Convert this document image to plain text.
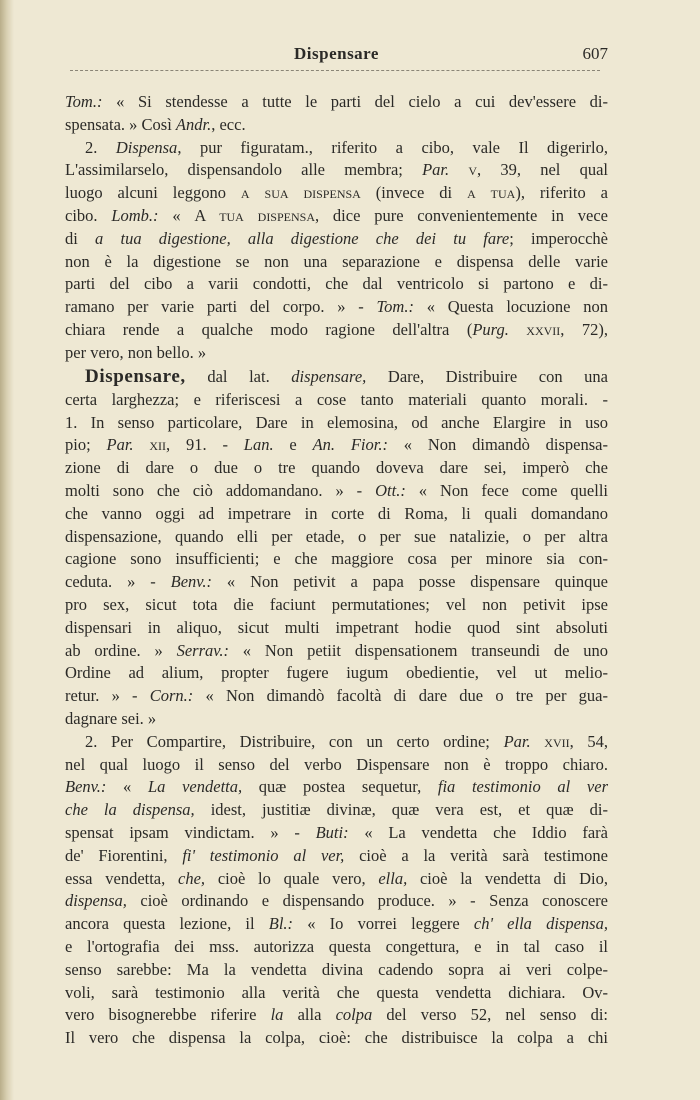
Dispensare	607
Tom.: « Si stendesse a tutte le parti del cielo a cui dev'essere di-
spensata. » Così Andr., ecc.
2. Dispensa, pur figuratam., riferito a cibo, vale Il digerirlo,
L'assimilarselo, dispensandolo alle membra; Par. v, 39, nel qual
luogo alcuni leggono a sua dispensa (invece di a tua), riferito a
cibo. Lomb.: « A tua dispensa, dice pure convenientemente in vece
di a tua digestione, alla digestione che dei tu fare; imperocchè
non è la digestione se non una separazione e dispensa delle varie
parti del cibo a varii condotti, che dal ventricolo si partono e di-
ramano per varie parti del corpo. » - Tom.: « Questa locuzione non
chiara rende a qualche modo ragione dell'altra (Purg. xxvii, 72),
per vero, non bello. »
Dispensare, dal lat. dispensare, Dare, Distribuire con una
certa larghezza; e riferiscesi a cose tanto materiali quanto morali. -
1. In senso particolare, Dare in elemosina, od anche Elargire in uso
pio; Par. xii, 91. - Lan. e An. Fior.: « Non dimandò dispensa-
zione di dare o due o tre quando doveva dare sei, imperò che
molti sono che ciò addomandano. » - Ott.: « Non fece come quelli
che vanno oggi ad impetrare in corte di Roma, li quali domandano
dispensazione, quando elli per etade, o per sue natalizie, o per altra
cagione sono insufficienti; e che maggiore cosa per minore sia con-
ceduta. » - Benv.: « Non petivit a papa posse dispensare quinque
pro sex, sicut tota die faciunt permutationes; vel non petivit ipse
dispensari in aliquo, sicut multi impetrant hodie quod sint absoluti
ab ordine. » Serrav.: « Non petiit dispensationem transeundi de uno
Ordine ad alium, propter fugere iugum obedientie, vel ut melio-
retur. » - Corn.: « Non dimandò facoltà di dare due o tre per gua-
dagnare sei. »
2. Per Compartire, Distribuire, con un certo ordine; Par. xvii, 54,
nel qual luogo il senso del verbo Dispensare non è troppo chiaro.
Benv.: « La vendetta, quæ postea sequetur, fia testimonio al ver
che la dispensa, idest, justitiæ divinæ, quæ vera est, et quæ di-
spensat ipsam vindictam. » - Buti: « La vendetta che Iddio farà
de' Fiorentini, fi' testimonio al ver, cioè a la verità sarà testimone
essa vendetta, che, cioè lo quale vero, ella, cioè la vendetta di Dio,
dispensa, cioè ordinando e dispensando produce. » - Senza conoscere
ancora questa lezione, il Bl.: « Io vorrei leggere ch' ella dispensa,
e l'ortografia dei mss. autorizza questa congettura, e in tal caso il
senso sarebbe: Ma la vendetta divina cadendo sopra ai veri colpe-
voli, sarà testimonio alla verità che questa vendetta dichiara. Ov-
vero bisognerebbe riferire la alla colpa del verso 52, nel senso di:
Il vero che dispensa la colpa, cioè: che distribuisce la colpa a chi
